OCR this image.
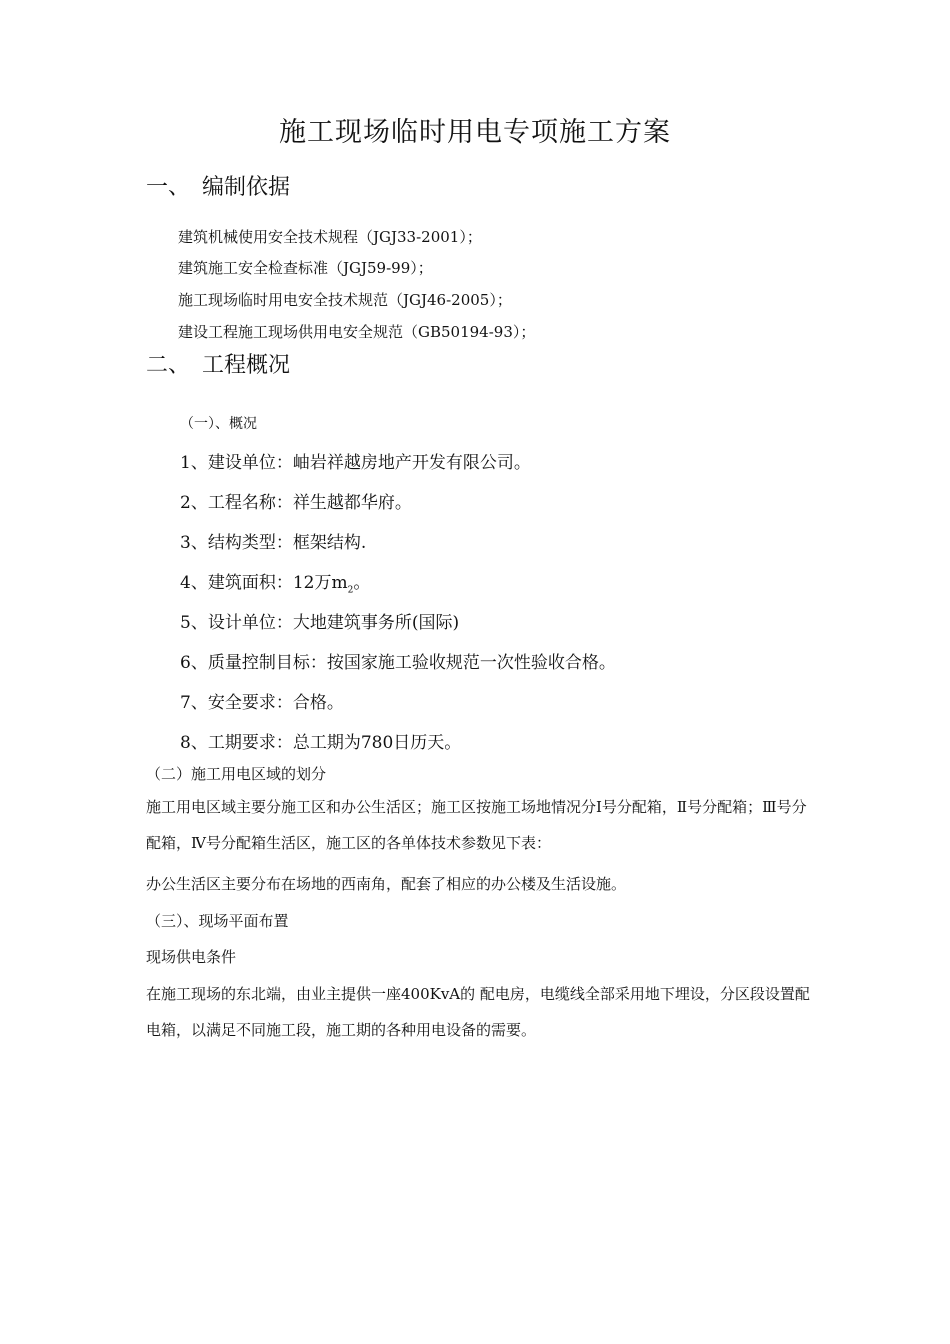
施工现场临时用电专项施工方案
一、 编制依据
建筑机械使用安全技术规程（JGJ33-2001）；
建筑施工安全检查标准（JGJ59-99）；
施工现场临时用电安全技术规范（JGJ46-2005）；
建设工程施工现场供用电安全规范（GB50194-93）；
二、 工程概况
（一）、概况
1、建设单位：岫岩祥越房地产开发有限公司。
2、工程名称：祥生越都华府。
3、结构类型：框架结构.
4、建筑面积：12万$m_2$。
5、设计单位：大地建筑事务所(国际)
6、质量控制目标：按国家施工验收规范一次性验收合格。
7、安全要求：合格。
8、工期要求：总工期为780日历天。
（二）施工用电区域的划分
施工用电区域主要分施工区和办公生活区；施工区按施工场地情况分Ⅰ号分配箱，Ⅱ号分配箱；Ⅲ号分配箱，Ⅳ号分配箱生活区，施工区的各单体技术参数见下表：
办公生活区主要分布在场地的西南角，配套了相应的办公楼及生活设施。
（三）、现场平面布置
现场供电条件
在施工现场的东北端，由业主提供一座400KvA的 配电房，电缆线全部采用地下埋设，分区段设置配电箱，以满足不同施工段，施工期的各种用电设备的需要。
